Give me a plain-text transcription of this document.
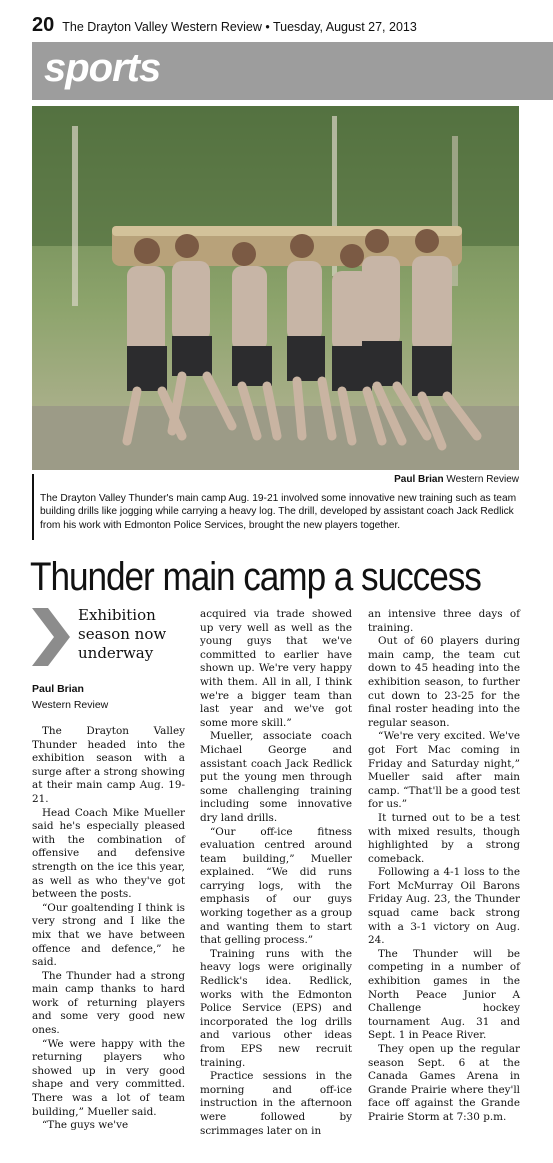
20 The Drayton Valley Western Review • Tuesday, August 27, 2013
sports
Paul Brian Western Review
The Drayton Valley Thunder's main camp Aug. 19-21 involved some innovative new training such as team building drills like jogging while carrying a heavy log. The drill, developed by assistant coach Jack Redlick from his work with Edmonton Police Services, brought the new players together.
Thunder main camp a success
Exhibition season now underway
Paul Brian
Western Review

The Drayton Valley Thunder headed into the exhibition season with a surge after a strong showing at their main camp Aug. 19-21.

Head Coach Mike Mueller said he's especially pleased with the combination of offensive and defensive strength on the ice this year, as well as who they've got between the posts.

“Our goaltending I think is very strong and I like the mix that we have between offence and defence,” he said.

The Thunder had a strong main camp thanks to hard work of returning players and some very good new ones.

“We were happy with the returning players who showed up in very good shape and very committed. There was a lot of team building,” Mueller said.

“The guys we've

acquired via trade showed up very well as well as the young guys that we've committed to earlier have shown up. We're very happy with them. All in all, I think we're a bigger team than last year and we've got some more skill.”

Mueller, associate coach Michael George and assistant coach Jack Redlick put the young men through some challenging training including some innovative dry land drills.

“Our off-ice fitness evaluation centred around team building,” Mueller explained. “We did runs carrying logs, with the emphasis of our guys working together as a group and wanting them to start that gelling process.”

Training runs with the heavy logs were originally Redlick's idea. Redlick, works with the Edmonton Police Service (EPS) and incorporated the log drills and various other ideas from EPS new recruit training.

Practice sessions in the morning and off-ice instruction in the afternoon were followed by scrimmages later on in

an intensive three days of training.

Out of 60 players during main camp, the team cut down to 45 heading into the exhibition season, to further cut down to 23-25 for the final roster heading into the regular season.

“We're very excited. We've got Fort Mac coming in Friday and Saturday night,” Mueller said after main camp. “That'll be a good test for us.”

It turned out to be a test with mixed results, though highlighted by a strong comeback.

Following a 4-1 loss to the Fort McMurray Oil Barons Friday Aug. 23, the Thunder squad came back strong with a 3-1 victory on Aug. 24.

The Thunder will be competing in a number of exhibition games in the North Peace Junior A Challenge hockey tournament Aug. 31 and Sept. 1 in Peace River.

They open up the regular season Sept. 6 at the Canada Games Arena in Grande Prairie where they'll face off against the Grande Prairie Storm at 7:30 p.m.
